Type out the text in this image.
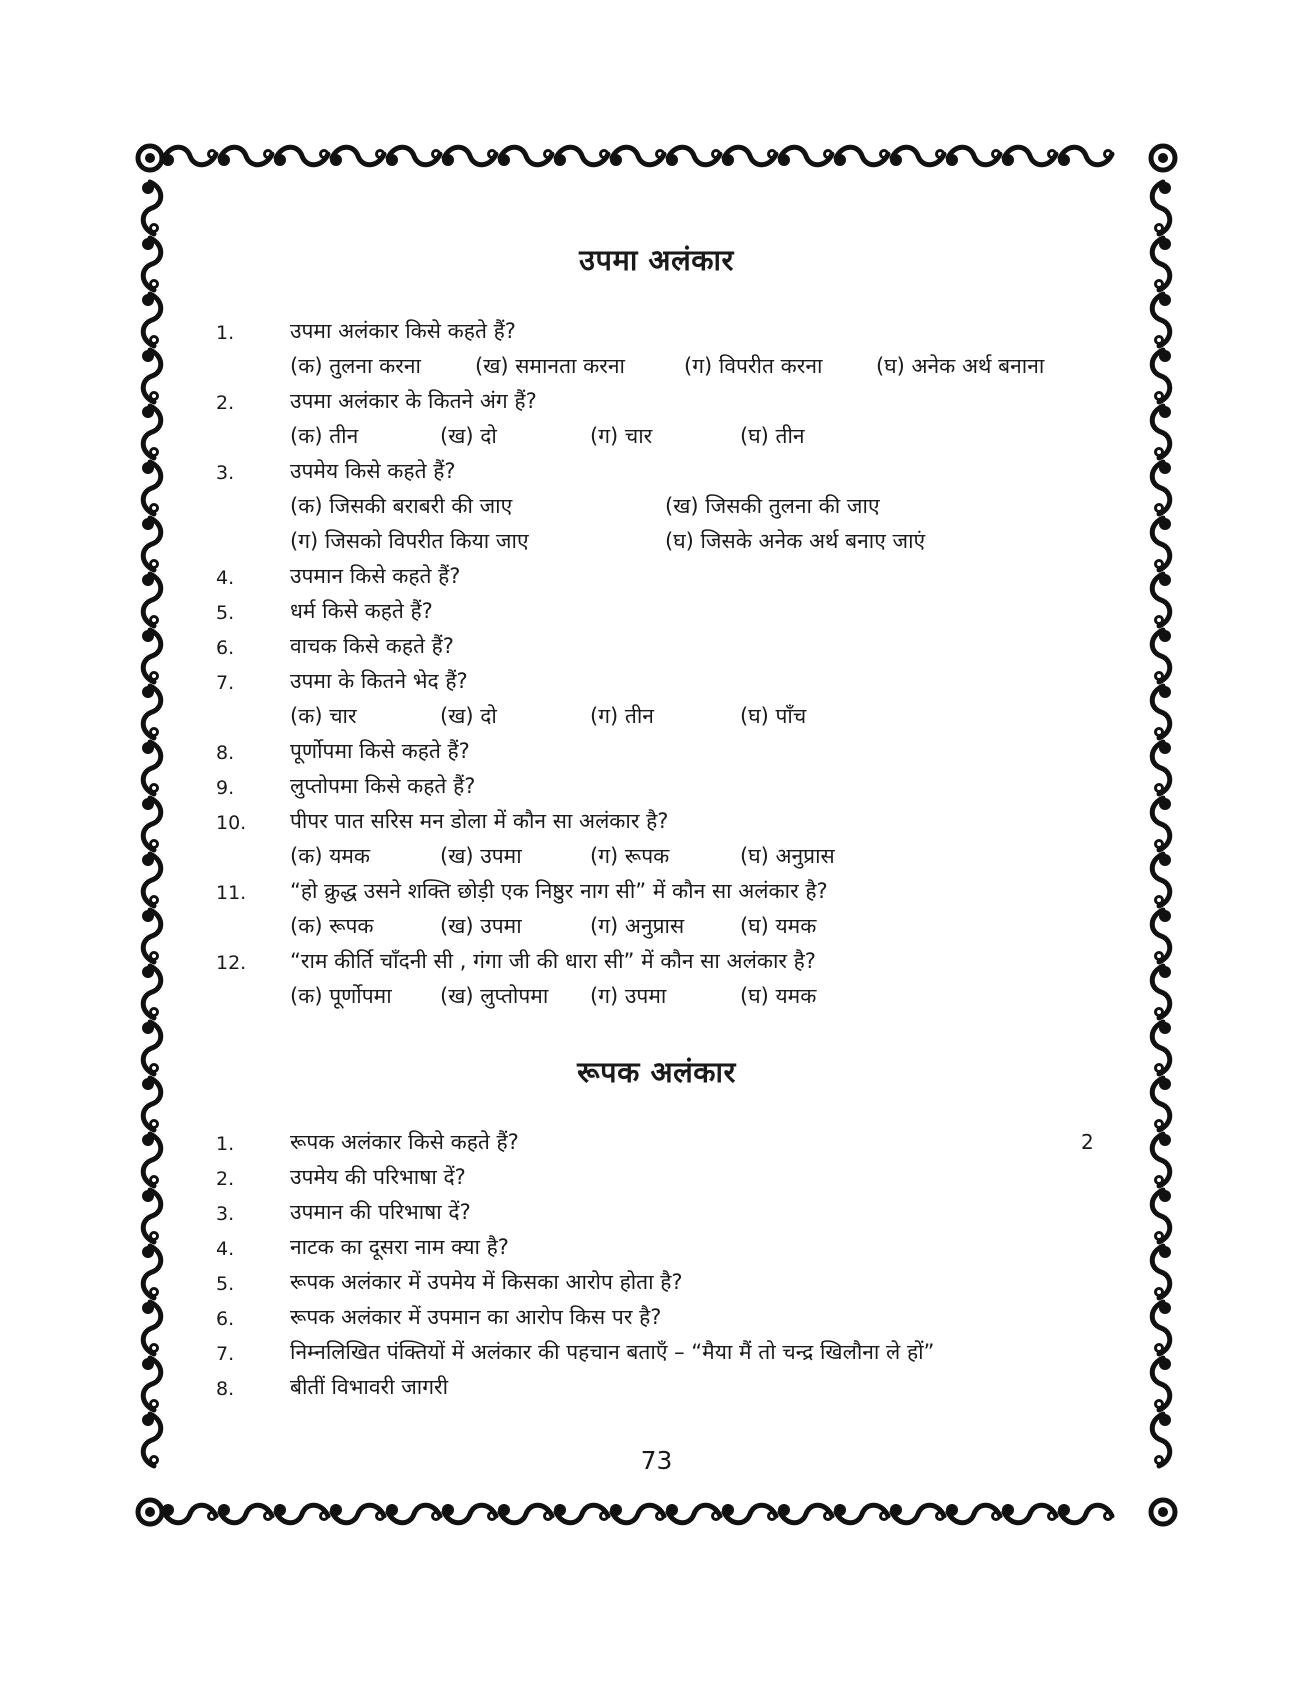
उपमा अलंकार
1.	उपमा अलंकार किसे कहते हैं?
(क) तुलना करना	(ख) समानता करना	(ग) विपरीत करना	(घ) अनेक अर्थ बनाना
2.	उपमा अलंकार के कितने अंग हैं?
(क) तीन	(ख) दो	(ग) चार	(घ) तीन
3.	उपमेय किसे कहते हैं?
(क) जिसकी बराबरी की जाए	(ख) जिसकी तुलना की जाए
(ग) जिसको विपरीत किया जाए	(घ) जिसके अनेक अर्थ बनाए जाएं
4.	उपमान किसे कहते हैं?
5.	धर्म किसे कहते हैं?
6.	वाचक किसे कहते हैं?
7.	उपमा के कितने भेद हैं?
(क) चार	(ख) दो	(ग) तीन	(घ) पाँच
8.	पूर्णोपमा किसे कहते हैं?
9.	लुप्तोपमा किसे कहते हैं?
10. पीपर पात सरिस मन डोला में कौन सा अलंकार है?
(क) यमक	(ख) उपमा	(ग) रूपक	(घ) अनुप्रास
11. “हो क्रुद्ध उसने शक्ति छोड़ी एक निष्ठुर नाग सी” में कौन सा अलंकार है?
(क) रूपक	(ख) उपमा	(ग) अनुप्रास	(घ) यमक
12. “राम कीर्ति चाँदनी सी , गंगा जी की धारा सी” में कौन सा अलंकार है?
(क) पूर्णोपमा (ख) लुप्तोपमा (ग) उपमा	(घ) यमक
रूपक अलंकार
2
1.	रूपक अलंकार किसे कहते हैं?
2.	उपमेय की परिभाषा दें?
3.	उपमान की परिभाषा दें?
4.	नाटक का दूसरा नाम क्या है?
5.	रूपक अलंकार में उपमेय में किसका आरोप होता है?
6.	रूपक अलंकार में उपमान का आरोप किस पर है?
7.	निम्नलिखित पंक्तियों में अलंकार की पहचान बताएँ – “मैया मैं तो चन्द्र खिलौना ले हों”
8.	बीतीं विभावरी जागरी
73
